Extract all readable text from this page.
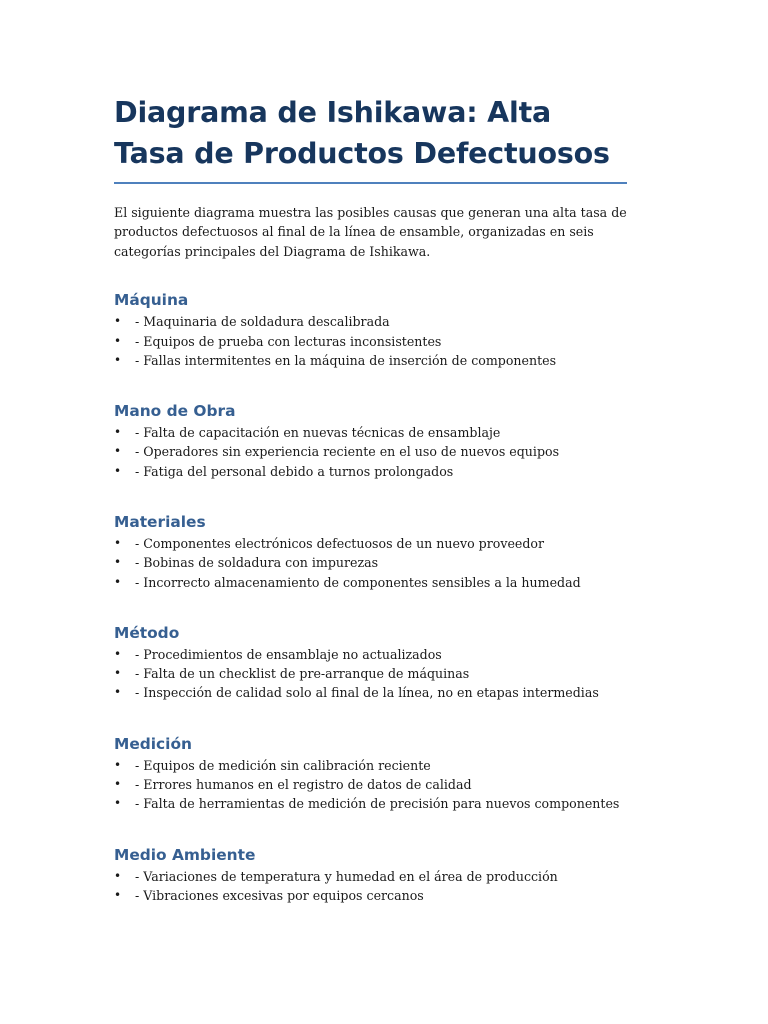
Diagrama de Ishikawa: Alta Tasa de Productos Defectuosos

El siguiente diagrama muestra las posibles causas que generan una alta tasa de productos defectuosos al final de la línea de ensamble, organizadas en seis categorías principales del Diagrama de Ishikawa.

Máquina
• - Maquinaria de soldadura descalibrada
• - Equipos de prueba con lecturas inconsistentes
• - Fallas intermitentes en la máquina de inserción de componentes
Mano de Obra
• - Falta de capacitación en nuevas técnicas de ensamblaje
• - Operadores sin experiencia reciente en el uso de nuevos equipos
• - Fatiga del personal debido a turnos prolongados
Materiales
• - Componentes electrónicos defectuosos de un nuevo proveedor
• - Bobinas de soldadura con impurezas
• - Incorrecto almacenamiento de componentes sensibles a la humedad
Método
• - Procedimientos de ensamblaje no actualizados
• - Falta de un checklist de pre-arranque de máquinas
• - Inspección de calidad solo al final de la línea, no en etapas intermedias
Medición
• - Equipos de medición sin calibración reciente
• - Errores humanos en el registro de datos de calidad
• - Falta de herramientas de medición de precisión para nuevos componentes
Medio Ambiente
• - Variaciones de temperatura y humedad en el área de producción
• - Vibraciones excesivas por equipos cercanos
